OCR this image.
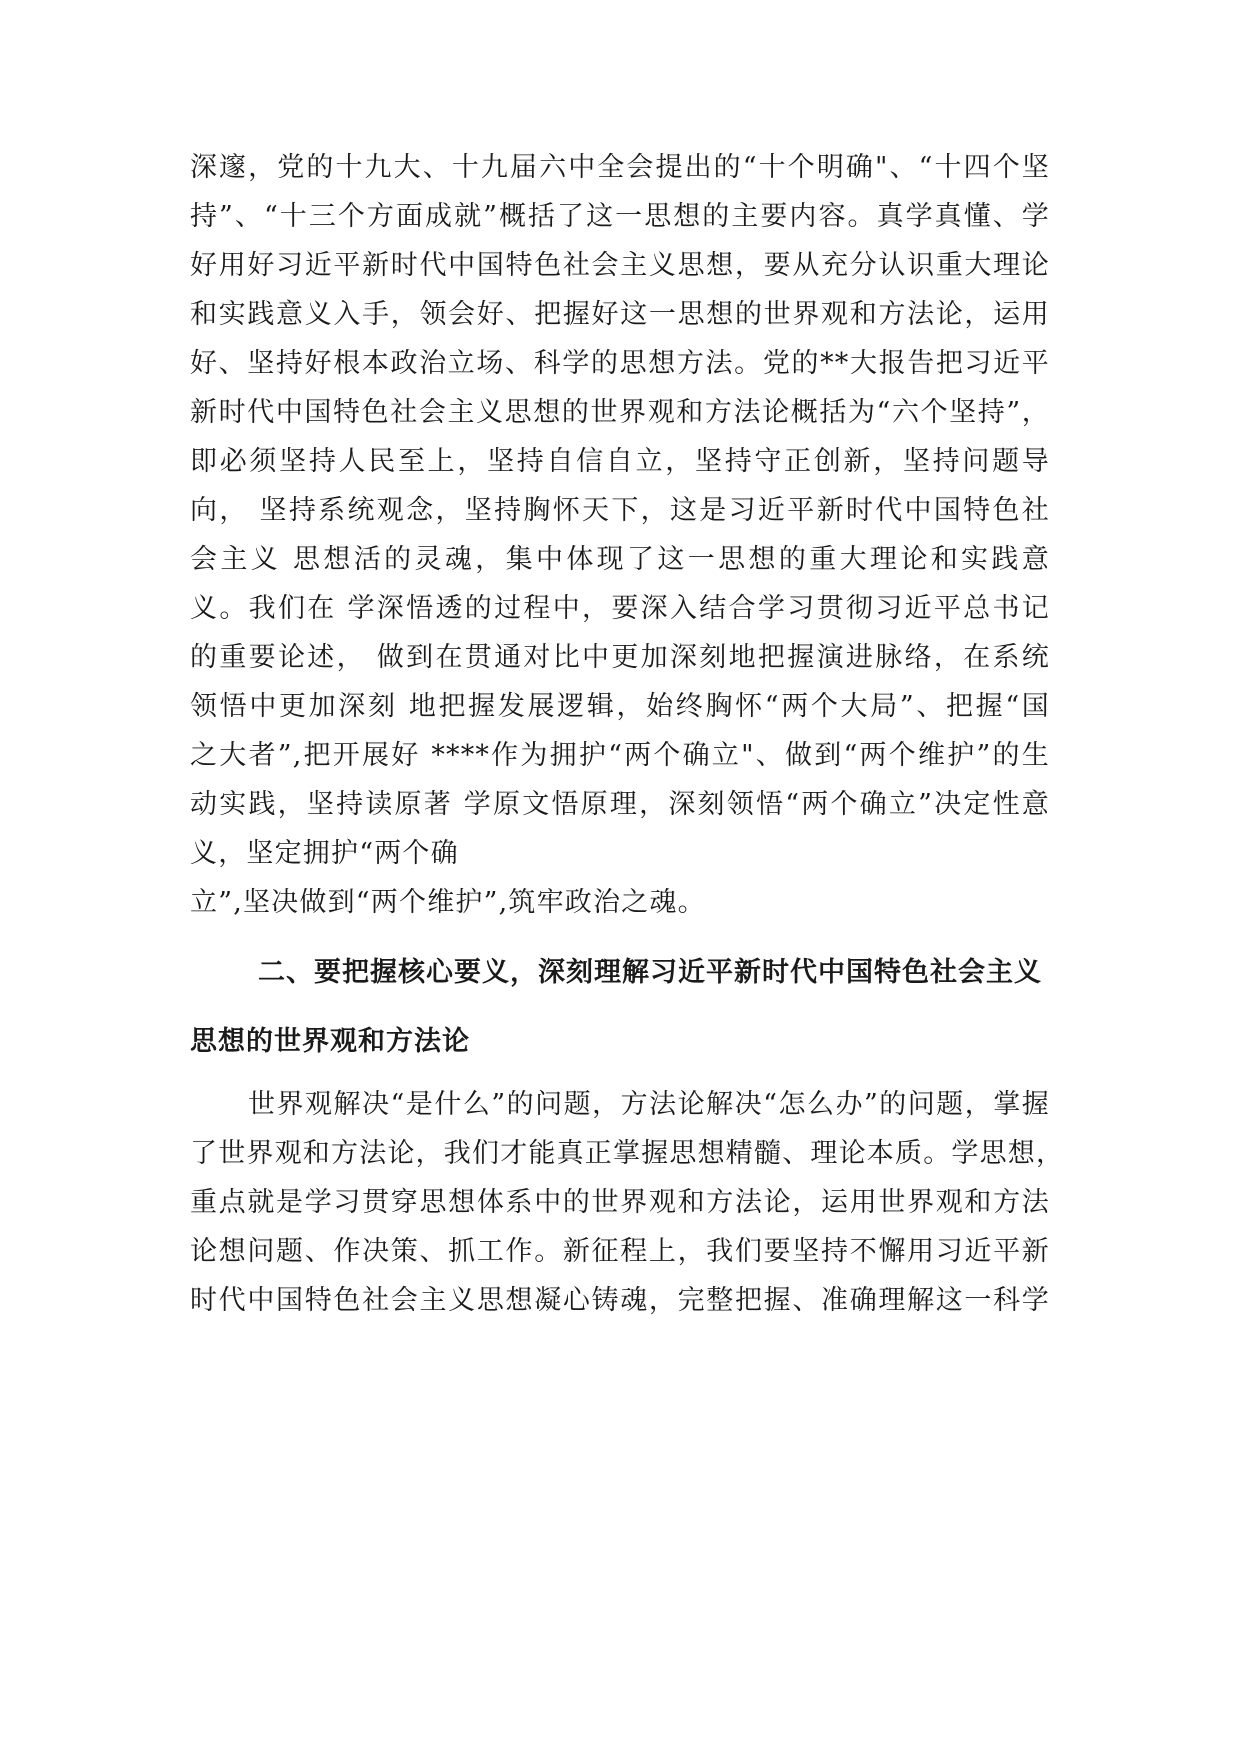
深邃，党的十九大、十九届六中全会提出的“十个明确"、“十四个坚
持”、“十三个方面成就”概括了这一思想的主要内容。真学真懂、学
好用好习近平新时代中国特色社会主义思想，要从充分认识重大理论
和实践意义入手，领会好、把握好这一思想的世界观和方法论，运用
好、坚持好根本政治立场、科学的思想方法。党的**大报告把习近平
新时代中国特色社会主义思想的世界观和方法论概括为“六个坚持”，
即必须坚持人民至上，坚持自信自立，坚持守正创新，坚持问题导
向， 坚持系统观念，坚持胸怀天下，这是习近平新时代中国特色社
会主义 思想活的灵魂，集中体现了这一思想的重大理论和实践意
义。我们在 学深悟透的过程中，要深入结合学习贯彻习近平总书记
的重要论述， 做到在贯通对比中更加深刻地把握演进脉络，在系统
领悟中更加深刻 地把握发展逻辑，始终胸怀“两个大局”、把握“国
之大者”,把开展好 ****作为拥护“两个确立"、做到“两个维护”的生
动实践，坚持读原著 学原文悟原理，深刻领悟“两个确立”决定性意
义，坚定拥护“两个确
立”,坚决做到“两个维护”,筑牢政治之魂。
二、要把握核心要义，深刻理解习近平新时代中国特色社会主义
思想的世界观和方法论
世界观解决“是什么”的问题，方法论解决“怎么办”的问题，掌握
了世界观和方法论，我们才能真正掌握思想精髓、理论本质。学思想，
重点就是学习贯穿思想体系中的世界观和方法论，运用世界观和方法
论想问题、作决策、抓工作。新征程上，我们要坚持不懈用习近平新
时代中国特色社会主义思想凝心铸魂，完整把握、准确理解这一科学
